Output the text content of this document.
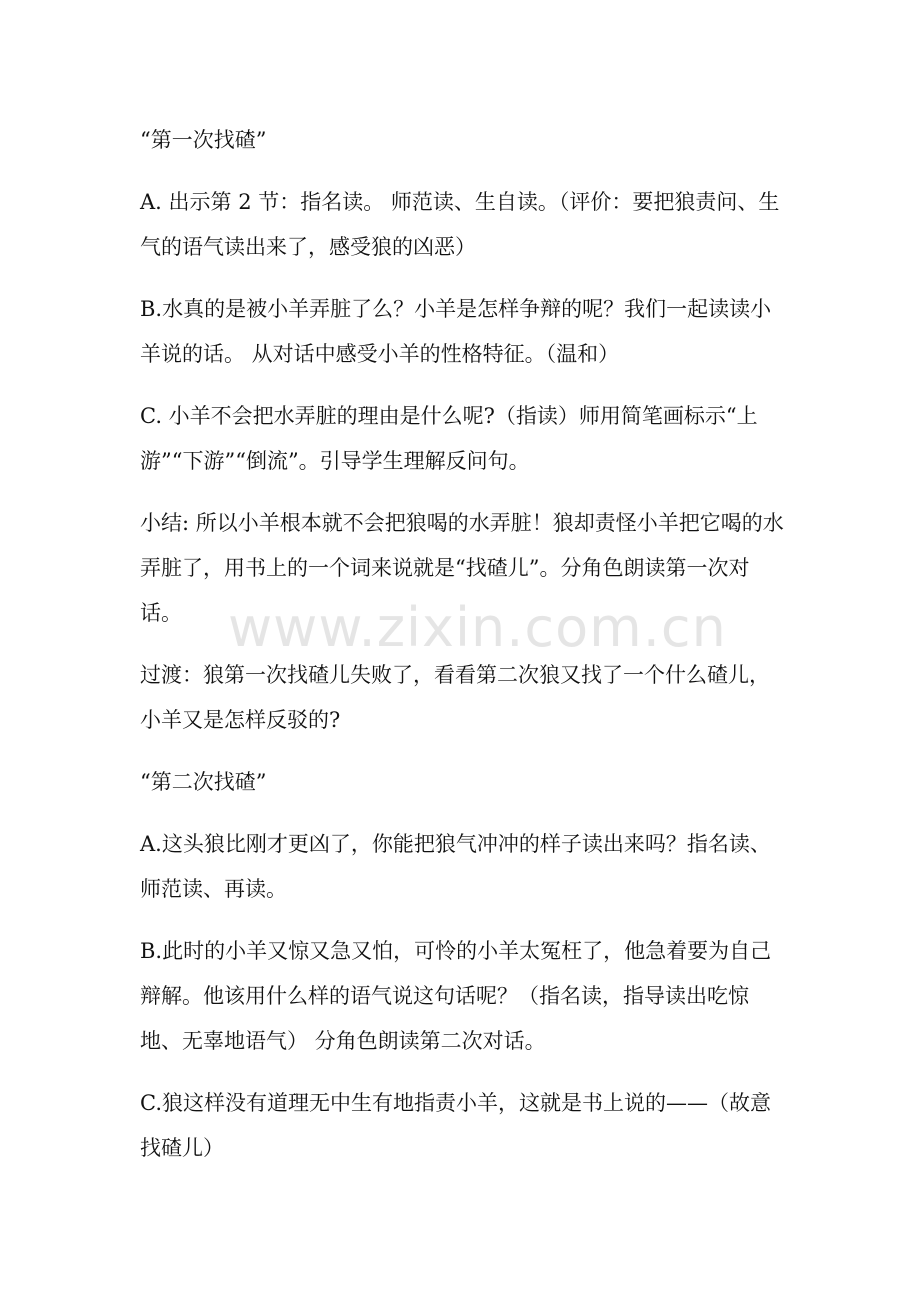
“第一次找碴”

A. 出示第 2 节：指名读。 师范读、生自读。（评价：要把狼责问、生气的语气读出来了，感受狼的凶恶）

B.水真的是被小羊弄脏了么？小羊是怎样争辩的呢？我们一起读读小羊说的话。 从对话中感受小羊的性格特征。（温和）

C. 小羊不会把水弄脏的理由是什么呢?（指读）师用简笔画标示“上游”“下游”“倒流”。引导学生理解反问句。

小结: 所以小羊根本就不会把狼喝的水弄脏！狼却责怪小羊把它喝的水弄脏了，用书上的一个词来说就是“找碴儿”。分角色朗读第一次对话。

过渡：狼第一次找碴儿失败了，看看第二次狼又找了一个什么碴儿，小羊又是怎样反驳的?

“第二次找碴”

A.这头狼比刚才更凶了，你能把狼气冲冲的样子读出来吗？指名读、师范读、再读。

B.此时的小羊又惊又急又怕，可怜的小羊太冤枉了，他急着要为自己辩解。他该用什么样的语气说这句话呢？（指名读，指导读出吃惊地、无辜地语气） 分角色朗读第二次对话。

C.狼这样没有道理无中生有地指责小羊，这就是书上说的——（故意找碴儿）

www.zixin.com.cn
